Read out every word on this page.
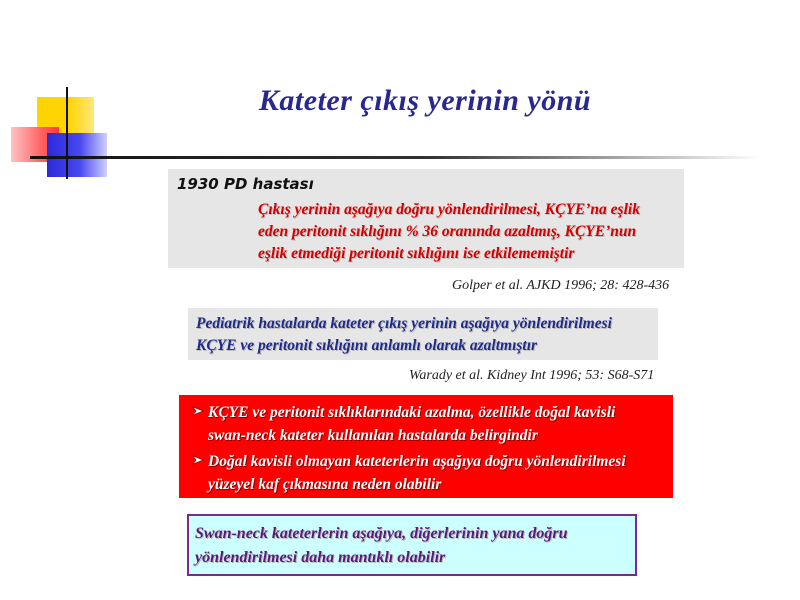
Kateter çıkış yerinin yönü
1930 PD hastası
Çıkış yerinin aşağıya doğru yönlendirilmesi, KÇYE’na eşlik
eden peritonit sıklığını % 36 oranında azaltmış, KÇYE’nun
eşlik etmediği peritonit sıklığını ise etkilememiştir
Golper et al. AJKD 1996; 28: 428-436
Pediatrik hastalarda kateter çıkış yerinin aşağıya yönlendirilmesi
KÇYE ve peritonit sıklığını anlamlı olarak azaltmıştır
Warady et al. Kidney Int 1996; 53: S68-S71
KÇYE ve peritonit sıklıklarındaki azalma, özellikle doğal kavisli
swan-neck kateter kullanılan hastalarda belirgindir
Doğal kavisli olmayan kateterlerin aşağıya doğru yönlendirilmesi
yüzeyel kaf çıkmasına neden olabilir
Swan-neck kateterlerin aşağıya, diğerlerinin yana doğru
yönlendirilmesi daha mantıklı olabilir
